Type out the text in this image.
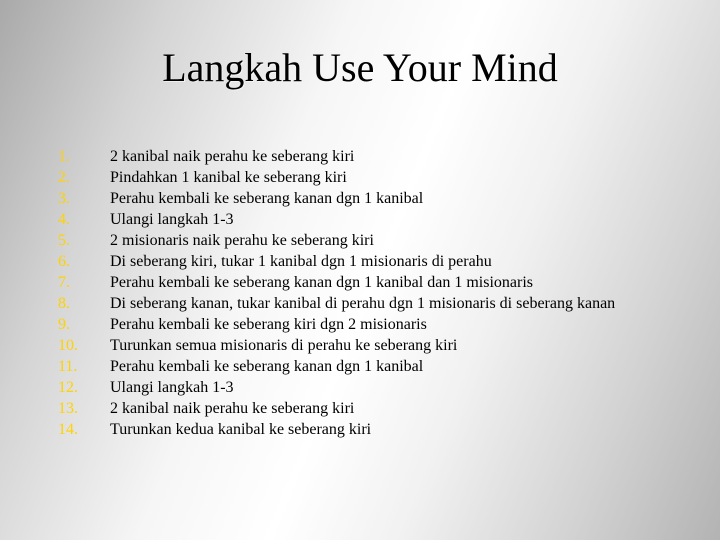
Langkah Use Your Mind
1.	2 kanibal naik perahu ke seberang kiri
2.	Pindahkan 1 kanibal ke seberang kiri
3.	Perahu kembali ke seberang kanan dgn 1 kanibal
4.	Ulangi langkah 1-3
5.	2 misionaris naik perahu ke seberang kiri
6.	Di seberang kiri, tukar 1 kanibal dgn 1 misionaris di perahu
7.	Perahu kembali ke seberang kanan dgn 1 kanibal dan 1 misionaris
8.	Di seberang kanan, tukar kanibal di perahu dgn 1 misionaris di seberang kanan
9.	Perahu kembali ke seberang kiri dgn 2 misionaris
10.	Turunkan semua misionaris di perahu ke seberang kiri
11.	Perahu kembali ke seberang kanan dgn 1 kanibal
12.	Ulangi langkah 1-3
13.	2 kanibal naik perahu ke seberang kiri
14.	Turunkan kedua kanibal ke seberang kiri
